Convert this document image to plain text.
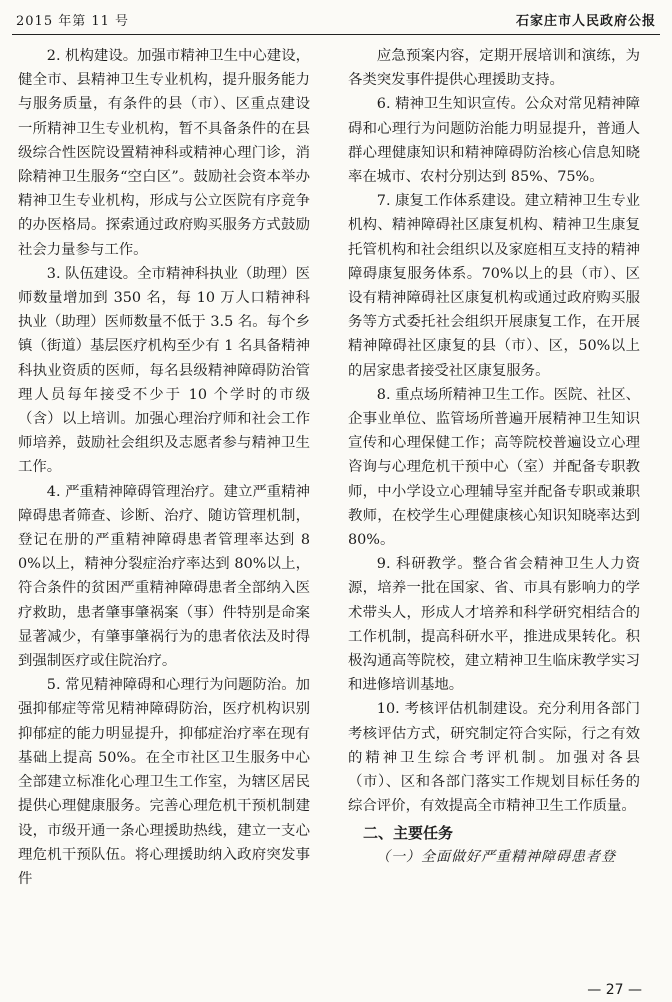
2015 年第 11 号	石家庄市人民政府公报

2. 机构建设。加强市精神卫生中心建设，健全市、县精神卫生专业机构，提升服务能力与服务质量，有条件的县（市）、区重点建设一所精神卫生专业机构，暂不具备条件的在县级综合性医院设置精神科或精神心理门诊，消除精神卫生服务“空白区”。鼓励社会资本举办精神卫生专业机构，形成与公立医院有序竞争的办医格局。探索通过政府购买服务方式鼓励社会力量参与工作。

3. 队伍建设。全市精神科执业（助理）医师数量增加到 350 名，每 10 万人口精神科执业（助理）医师数量不低于 3.5 名。每个乡镇（街道）基层医疗机构至少有 1 名具备精神科执业资质的医师，每名县级精神障碍防治管理人员每年接受不少于 10 个学时的市级（含）以上培训。加强心理治疗师和社会工作师培养，鼓励社会组织及志愿者参与精神卫生工作。

4. 严重精神障碍管理治疗。建立严重精神障碍患者筛查、诊断、治疗、随访管理机制，登记在册的严重精神障碍患者管理率达到 80%以上，精神分裂症治疗率达到 80%以上，符合条件的贫困严重精神障碍患者全部纳入医疗救助，患者肇事肇祸案（事）件特别是命案显著减少，有肇事肇祸行为的患者依法及时得到强制医疗或住院治疗。

5. 常见精神障碍和心理行为问题防治。加强抑郁症等常见精神障碍防治，医疗机构识别抑郁症的能力明显提升，抑郁症治疗率在现有基础上提高 50%。在全市社区卫生服务中心全部建立标准化心理卫生工作室，为辖区居民提供心理健康服务。完善心理危机干预机制建设，市级开通一条心理援助热线，建立一支心理危机干预队伍。将心理援助纳入政府突发事件

应急预案内容，定期开展培训和演练，为各类突发事件提供心理援助支持。

6. 精神卫生知识宣传。公众对常见精神障碍和心理行为问题防治能力明显提升，普通人群心理健康知识和精神障碍防治核心信息知晓率在城市、农村分别达到 85%、75%。

7. 康复工作体系建设。建立精神卫生专业机构、精神障碍社区康复机构、精神卫生康复托管机构和社会组织以及家庭相互支持的精神障碍康复服务体系。70%以上的县（市）、区设有精神障碍社区康复机构或通过政府购买服务等方式委托社会组织开展康复工作，在开展精神障碍社区康复的县（市）、区，50%以上的居家患者接受社区康复服务。

8. 重点场所精神卫生工作。医院、社区、企事业单位、监管场所普遍开展精神卫生知识宣传和心理保健工作；高等院校普遍设立心理咨询与心理危机干预中心（室）并配备专职教师，中小学设立心理辅导室并配备专职或兼职教师，在校学生心理健康核心知识知晓率达到 80%。

9. 科研教学。整合省会精神卫生人力资源，培养一批在国家、省、市具有影响力的学术带头人，形成人才培养和科学研究相结合的工作机制，提高科研水平，推进成果转化。积极沟通高等院校，建立精神卫生临床教学实习和进修培训基地。

10. 考核评估机制建设。充分利用各部门考核评估方式，研究制定符合实际，行之有效的精神卫生综合考评机制。加强对各县（市）、区和各部门落实工作规划目标任务的综合评价，有效提高全市精神卫生工作质量。

二、主要任务

（一）全面做好严重精神障碍患者登

— 27 —
